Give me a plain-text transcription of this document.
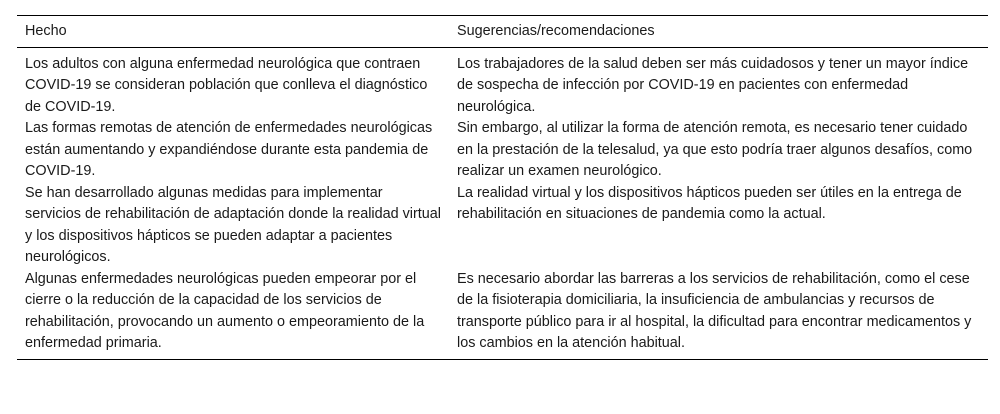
Hecho	Sugerencias/recomendaciones
Los adultos con alguna enfermedad neurológica que contraen COVID-19 se consideran población que conlleva el diagnóstico de COVID-19.	Los trabajadores de la salud deben ser más cuidadosos y tener un mayor índice de sospecha de infección por COVID-19 en pacientes con enfermedad neurológica.
Las formas remotas de atención de enfermedades neurológicas están aumentando y expandiéndose durante esta pandemia de COVID-19.	Sin embargo, al utilizar la forma de atención remota, es necesario tener cuidado en la prestación de la telesalud, ya que esto podría traer algunos desafíos, como realizar un examen neurológico.
Se han desarrollado algunas medidas para implementar servicios de rehabilitación de adaptación donde la realidad virtual y los dispositivos hápticos se pueden adaptar a pacientes neurológicos.	La realidad virtual y los dispositivos hápticos pueden ser útiles en la entrega de rehabilitación en situaciones de pandemia como la actual.
Algunas enfermedades neurológicas pueden empeorar por el cierre o la reducción de la capacidad de los servicios de rehabilitación, provocando un aumento o empeoramiento de la enfermedad primaria.	Es necesario abordar las barreras a los servicios de rehabilitación, como el cese de la fisioterapia domiciliaria, la insuficiencia de ambulancias y recursos de transporte público para ir al hospital, la dificultad para encontrar medicamentos y los cambios en la atención habitual.
